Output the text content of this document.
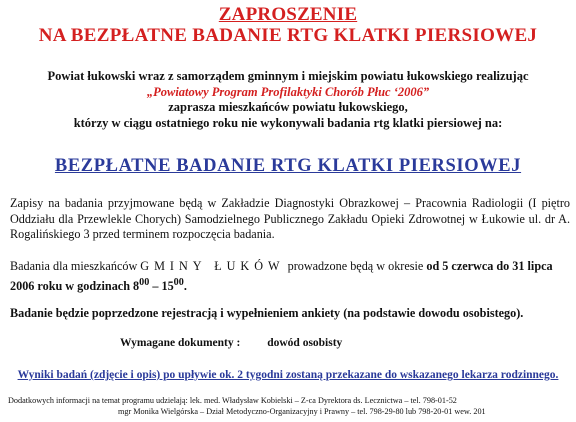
ZAPROSZENIE
NA BEZPŁATNE BADANIE RTG KLATKI PIERSIOWEJ
Powiat łukowski wraz z samorządem gminnym i miejskim powiatu łukowskiego realizując
„Powiatowy Program Profilaktyki Chorób Płuc ‘2006”
zaprasza mieszkańców powiatu łukowskiego,
którzy w ciągu ostatniego roku nie wykonywali badania rtg klatki piersiowej na:
BEZPŁATNE BADANIE RTG KLATKI PIERSIOWEJ
Zapisy na badania przyjmowane będą w Zakładzie Diagnostyki Obrazkowej – Pracownia Radiologii (I piętro Oddziału dla Przewlekle Chorych) Samodzielnego Publicznego Zakładu Opieki Zdrowotnej w Łukowie ul. dr A. Rogalińskiego 3 przed terminem rozpoczęcia badania.
Badania dla mieszkańców GMINY ŁUKÓW prowadzone będą w okresie od 5 czerwca do 31 lipca 2006 roku w godzinach $8^{00} - 15^{00}$.
Badanie będzie poprzedzone rejestracją i wypełnieniem ankiety (na podstawie dowodu osobistego).
Wymagane dokumenty : dowód osobisty
Wyniki badań (zdjęcie i opis) po upływie ok. 2 tygodni zostaną przekazane do wskazanego lekarza rodzinnego.
Dodatkowych informacji na temat programu udzielają: lek. med. Władysław Kobielski – Z-ca Dyrektora ds. Lecznictwa – tel. 798-01-52
mgr Monika Wielgórska – Dział Metodyczno-Organizacyjny i Prawny – tel. 798-29-80 lub 798-20-01 wew. 201
